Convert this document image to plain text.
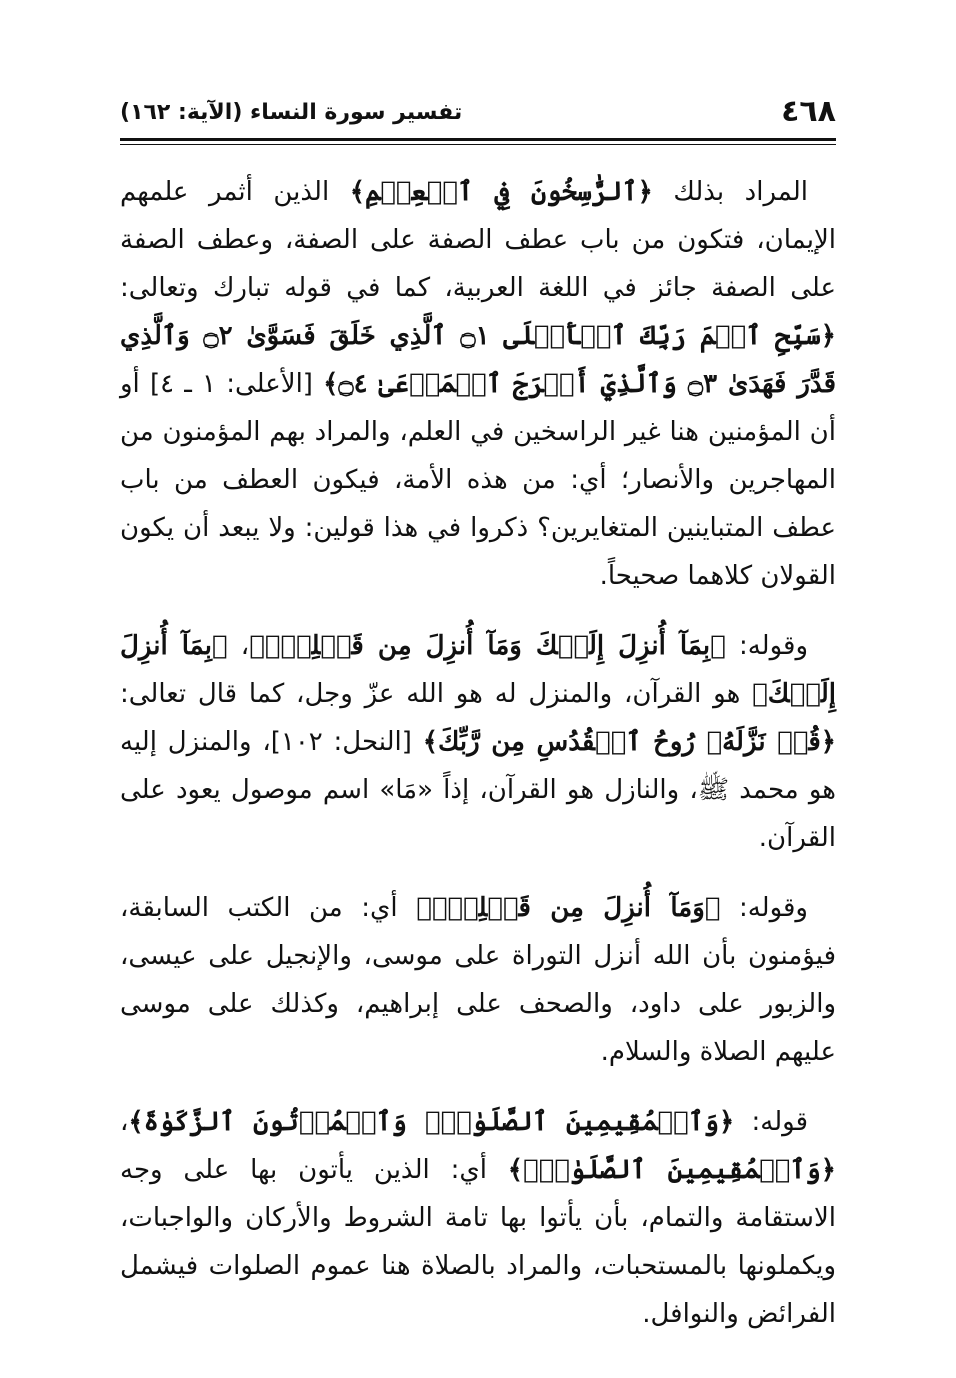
٤٦٨
تفسير سورة النساء (الآية: ١٦٢)

المراد بذلك ﴿ٱلرَّٰسِخُونَ فِي ٱلۡعِلۡمِ﴾ الذين أثمر علمهم الإيمان، فتكون من باب عطف الصفة على الصفة، وعطف الصفة على الصفة جائز في اللغة العربية، كما في قوله تبارك وتعالى: ﴿سَبِّحِ ٱسۡمَ رَبِّكَ ٱلۡأَعۡلَى ۝١ ٱلَّذِي خَلَقَ فَسَوَّىٰ ۝٢ وَٱلَّذِي قَدَّرَ فَهَدَىٰ ۝٣ وَٱلَّذِيٓ أَخۡرَجَ ٱلۡمَرۡعَىٰ ۝٤﴾ [الأعلى: ١ ـ ٤] أو أن المؤمنين هنا غير الراسخين في العلم، والمراد بهم المؤمنون من المهاجرين والأنصار؛ أي: من هذه الأمة، فيكون العطف من باب عطف المتباينين المتغايرين؟ ذكروا في هذا قولين: ولا يبعد أن يكون القولان كلاهما صحيحاً.

وقوله: ﴿بِمَآ أُنزِلَ إِلَيۡكَ وَمَآ أُنزِلَ مِن قَبۡلِكَۚ﴾، ﴿بِمَآ أُنزِلَ إِلَيۡكَ﴾ هو القرآن، والمنزل له هو الله عزّ وجل، كما قال تعالى: ﴿قُلۡ نَزَّلَهُۥ رُوحُ ٱلۡقُدُسِ مِن رَّبِّكَ﴾ [النحل: ١٠٢]، والمنزل إليه هو محمد ﷺ، والنازل هو القرآن، إذاً «مَا» اسم موصول يعود على القرآن.

وقوله: ﴿وَمَآ أُنزِلَ مِن قَبۡلِكَۚ﴾ أي: من الكتب السابقة، فيؤمنون بأن الله أنزل التوراة على موسى، والإنجيل على عيسى، والزبور على داود، والصحف على إبراهيم، وكذلك على موسى عليهم الصلاة والسلام.

قوله: ﴿وَٱلۡمُقِيمِينَ ٱلصَّلَوٰةَۚ وَٱلۡمُؤۡتُونَ ٱلزَّكَوٰةَ﴾، ﴿وَٱلۡمُقِيمِينَ ٱلصَّلَوٰةَۚ﴾ أي: الذين يأتون بها على وجه الاستقامة والتمام، بأن يأتوا بها تامة الشروط والأركان والواجبات، ويكملونها بالمستحبات، والمراد بالصلاة هنا عموم الصلوات فيشمل الفرائض والنوافل.
